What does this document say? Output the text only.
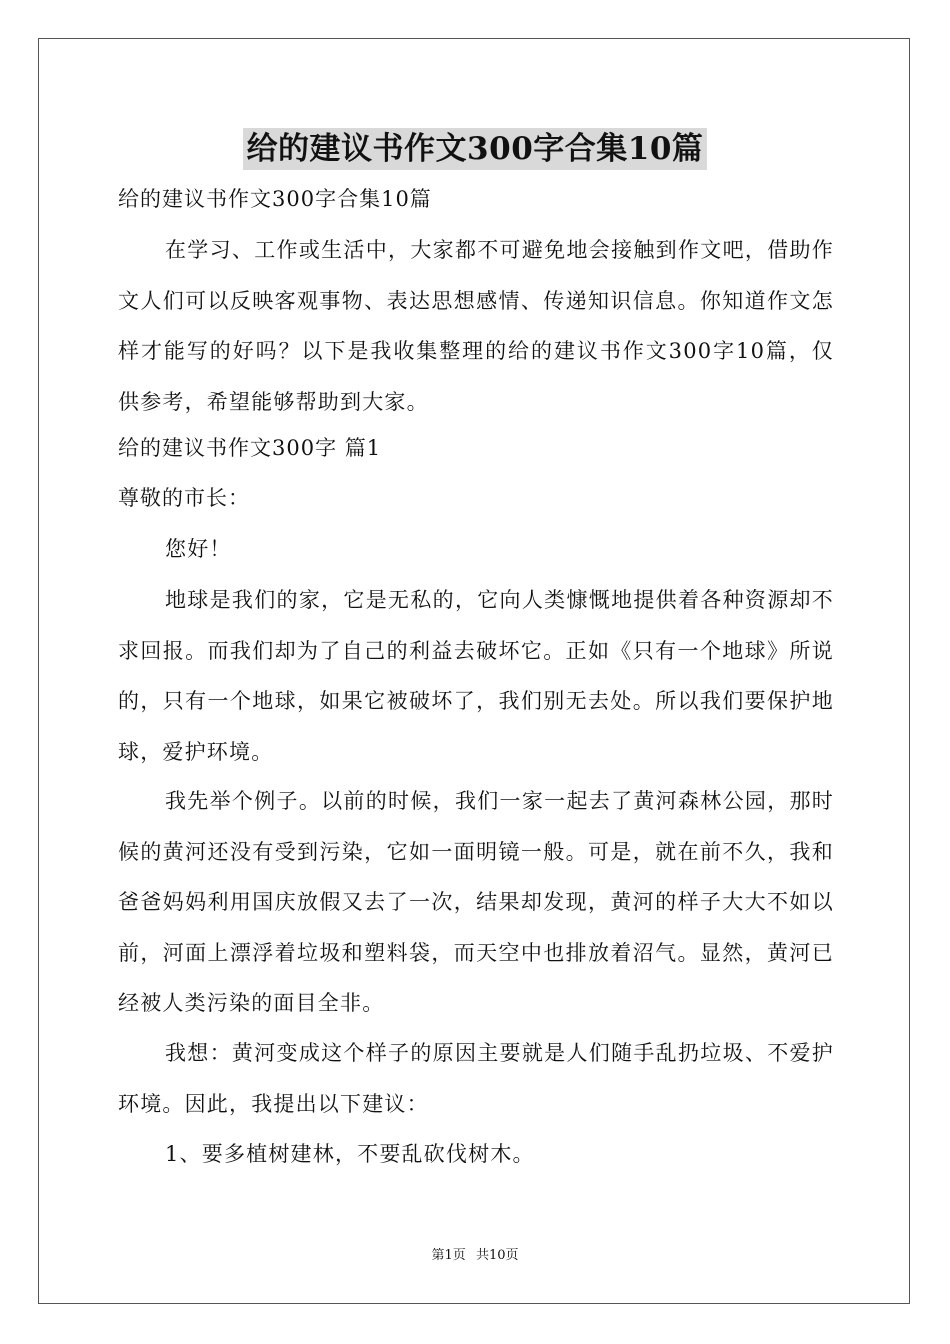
给的建议书作文300字合集10篇
给的建议书作文300字合集10篇

在学习、工作或生活中，大家都不可避免地会接触到作文吧，借助作文人们可以反映客观事物、表达思想感情、传递知识信息。你知道作文怎样才能写的好吗？以下是我收集整理的给的建议书作文300字10篇，仅供参考，希望能够帮助到大家。

给的建议书作文300字 篇1
尊敬的市长：

您好！

地球是我们的家，它是无私的，它向人类慷慨地提供着各种资源却不求回报。而我们却为了自己的利益去破坏它。正如《只有一个地球》所说的，只有一个地球，如果它被破坏了，我们别无去处。所以我们要保护地球，爱护环境。

我先举个例子。以前的时候，我们一家一起去了黄河森林公园，那时候的黄河还没有受到污染，它如一面明镜一般。可是，就在前不久，我和爸爸妈妈利用国庆放假又去了一次，结果却发现，黄河的样子大大不如以前，河面上漂浮着垃圾和塑料袋，而天空中也排放着沼气。显然，黄河已经被人类污染的面目全非。

我想：黄河变成这个样子的原因主要就是人们随手乱扔垃圾、不爱护环境。因此，我提出以下建议：

1、要多植树建林，不要乱砍伐树木。

第1页 共10页
